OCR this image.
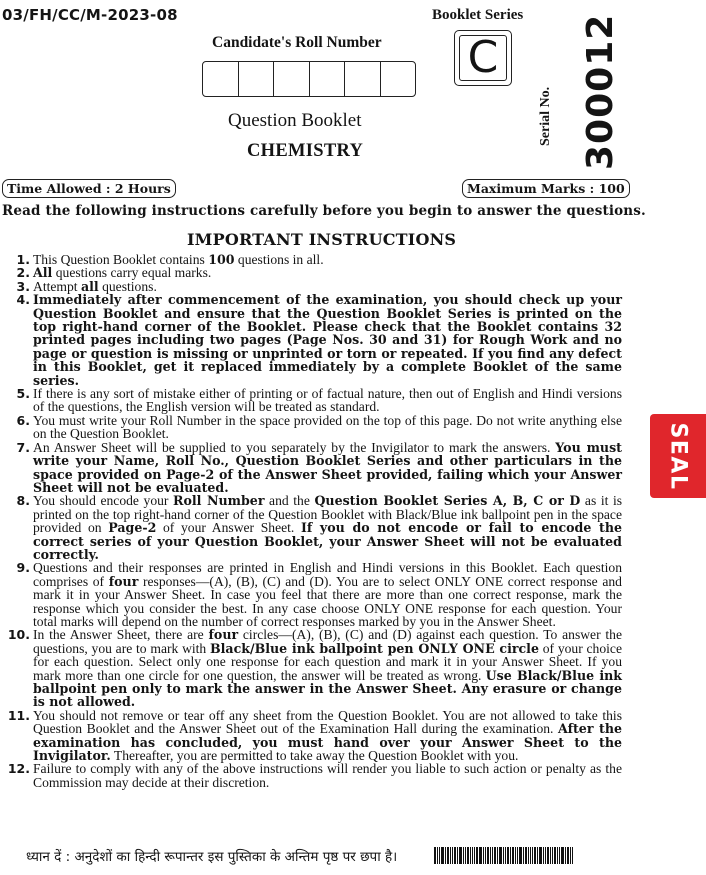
03/FH/CC/M-2023-08	Booklet Series
Candidate's Roll Number C
Serial No. 300012
Question Booklet
CHEMISTRY
Time Allowed : 2 Hours	Maximum Marks : 100
Read the following instructions carefully before you begin to answer the questions.
IMPORTANT INSTRUCTIONS
1. This Question Booklet contains 100 questions in all.
2. All questions carry equal marks.
3. Attempt all questions.
4. Immediately after commencement of the examination, you should check up your Question Booklet and ensure that the Question Booklet Series is printed on the top right-hand corner of the Booklet. Please check that the Booklet contains 32 printed pages including two pages (Page Nos. 30 and 31) for Rough Work and no page or question is missing or unprinted or torn or repeated. If you find any defect in this Booklet, get it replaced immediately by a complete Booklet of the same series.
5. If there is any sort of mistake either of printing or of factual nature, then out of English and Hindi versions of the questions, the English version will be treated as standard.
6. You must write your Roll Number in the space provided on the top of this page. Do not write anything else on the Question Booklet.
7. An Answer Sheet will be supplied to you separately by the Invigilator to mark the answers. You must write your Name, Roll No., Question Booklet Series and other particulars in the space provided on Page-2 of the Answer Sheet provided, failing which your Answer Sheet will not be evaluated.
8. You should encode your Roll Number and the Question Booklet Series A, B, C or D as it is printed on the top right-hand corner of the Question Booklet with Black/Blue ink ballpoint pen in the space provided on Page-2 of your Answer Sheet. If you do not encode or fail to encode the correct series of your Question Booklet, your Answer Sheet will not be evaluated correctly.
9. Questions and their responses are printed in English and Hindi versions in this Booklet. Each question comprises of four responses—(A), (B), (C) and (D). You are to select ONLY ONE correct response and mark it in your Answer Sheet. In case you feel that there are more than one correct response, mark the response which you consider the best. In any case choose ONLY ONE response for each question. Your total marks will depend on the number of correct responses marked by you in the Answer Sheet.
10. In the Answer Sheet, there are four circles—(A), (B), (C) and (D) against each question. To answer the questions, you are to mark with Black/Blue ink ballpoint pen ONLY ONE circle of your choice for each question. Select only one response for each question and mark it in your Answer Sheet. If you mark more than one circle for one question, the answer will be treated as wrong. Use Black/Blue ink ballpoint pen only to mark the answer in the Answer Sheet. Any erasure or change is not allowed.
11. You should not remove or tear off any sheet from the Question Booklet. You are not allowed to take this Question Booklet and the Answer Sheet out of the Examination Hall during the examination. After the examination has concluded, you must hand over your Answer Sheet to the Invigilator. Thereafter, you are permitted to take away the Question Booklet with you.
12. Failure to comply with any of the above instructions will render you liable to such action or penalty as the Commission may decide at their discretion.
ध्यान दें : अनुदेशों का हिन्दी रूपान्तर इस पुस्तिका के अन्तिम पृष्ठ पर छपा है।
SEAL
